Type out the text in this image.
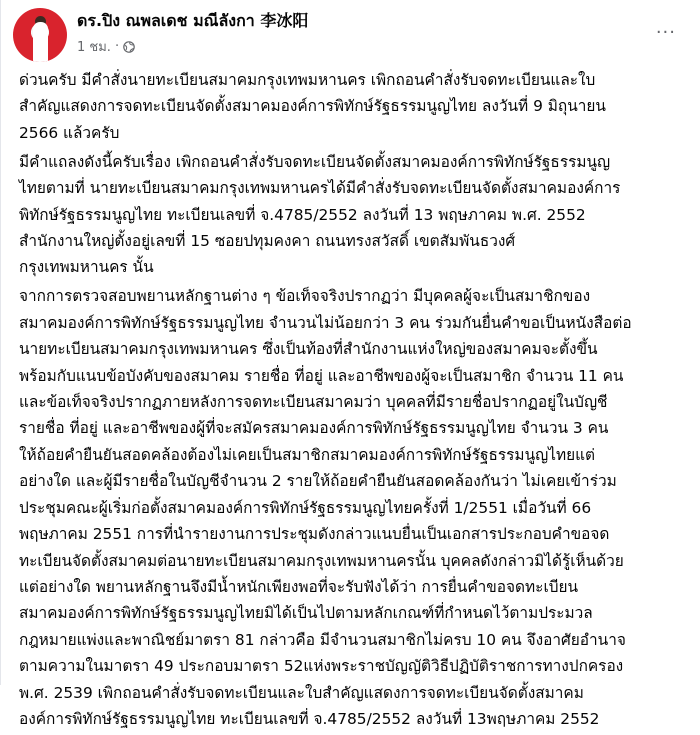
ดร.ปิง ณพลเดช มณีลังกา 李冰阳
1 ชม. ·
···
ด่วนครับ มีคำสั่งนายทะเบียนสมาคมกรุงเทพมหานคร เพิกถอนคำสั่งรับจดทะเบียนและใบ
สำคัญแสดงการจดทะเบียนจัดตั้งสมาคมองค์การพิทักษ์รัฐธรรมนูญไทย ลงวันที่ 9 มิถุนายน
2566 แล้วครับ
มีคำแถลงดังนี้ครับเรื่อง เพิกถอนคำสั่งรับจดทะเบียนจัดตั้งสมาคมองค์การพิทักษ์รัฐธรรมนูญ
ไทยตามที่ นายทะเบียนสมาคมกรุงเทพมหานครได้มีคำสั่งรับจดทะเบียนจัดตั้งสมาคมองค์การ
พิทักษ์รัฐธรรมนูญไทย ทะเบียนเลขที่ จ.4785/2552 ลงวันที่ 13 พฤษภาคม พ.ศ. 2552
สำนักงานใหญ่ตั้งอยู่เลขที่ 15 ซอยปทุมคงคา ถนนทรงสวัสดิ์ เขตสัมพันธวงศ์
กรุงเทพมหานคร นั้น
จากการตรวจสอบพยานหลักฐานต่าง ๆ ข้อเท็จจริงปรากฏว่า มีบุคคลผู้จะเป็นสมาชิกของ
สมาคมองค์การพิทักษ์รัฐธรรมนูญไทย จำนวนไม่น้อยกว่า 3 คน ร่วมกันยื่นคำขอเป็นหนังสือต่อ
นายทะเบียนสมาคมกรุงเทพมหานคร ซึ่งเป็นท้องที่สำนักงานแห่งใหญ่ของสมาคมจะตั้งขึ้น
พร้อมกับแนบข้อบังคับของสมาคม รายชื่อ ที่อยู่ และอาชีพของผู้จะเป็นสมาชิก จำนวน 11 คน
และข้อเท็จจริงปรากฏภายหลังการจดทะเบียนสมาคมว่า บุคคลที่มีรายชื่อปรากฏอยู่ในบัญชี
รายชื่อ ที่อยู่ และอาชีพของผู้ที่จะสมัครสมาคมองค์การพิทักษ์รัฐธรรมนูญไทย จำนวน 3 คน
ให้ถ้อยคำยืนยันสอดคล้องต้องไม่เคยเป็นสมาชิกสมาคมองค์การพิทักษ์รัฐธรรมนูญไทยแต่
อย่างใด และผู้มีรายชื่อในบัญชีจำนวน 2 รายให้ถ้อยคำยืนยันสอดคล้องกันว่า ไม่เคยเข้าร่วม
ประชุมคณะผู้เริ่มก่อตั้งสมาคมองค์การพิทักษ์รัฐธรรมนูญไทยครั้งที่ 1/2551 เมื่อวันที่ 66
พฤษภาคม 2551 การที่นำรายงานการประชุมดังกล่าวแนบยื่นเป็นเอกสารประกอบคำขอจด
ทะเบียนจัดตั้งสมาคมต่อนายทะเบียนสมาคมกรุงเทพมหานครนั้น บุคคลดังกล่าวมิได้รู้เห็นด้วย
แต่อย่างใด พยานหลักฐานจึงมีน้ำหนักเพียงพอที่จะรับฟังได้ว่า การยื่นคำขอจดทะเบียน
สมาคมองค์การพิทักษ์รัฐธรรมนูญไทยมิได้เป็นไปตามหลักเกณฑ์ที่กำหนดไว้ตามประมวล
กฎหมายแพ่งและพาณิชย์มาตรา 81 กล่าวคือ มีจำนวนสมาชิกไม่ครบ 10 คน จึงอาศัยอำนาจ
ตามความในมาตรา 49 ประกอบมาตรา 52แห่งพระราชบัญญัติวิธีปฏิบัติราชการทางปกครอง
พ.ศ. 2539 เพิกถอนคำสั่งรับจดทะเบียนและใบสำคัญแสดงการจดทะเบียนจัดตั้งสมาคม
องค์การพิทักษ์รัฐธรรมนูญไทย ทะเบียนเลขที่ จ.4785/2552 ลงวันที่ 13พฤษภาคม 2552
